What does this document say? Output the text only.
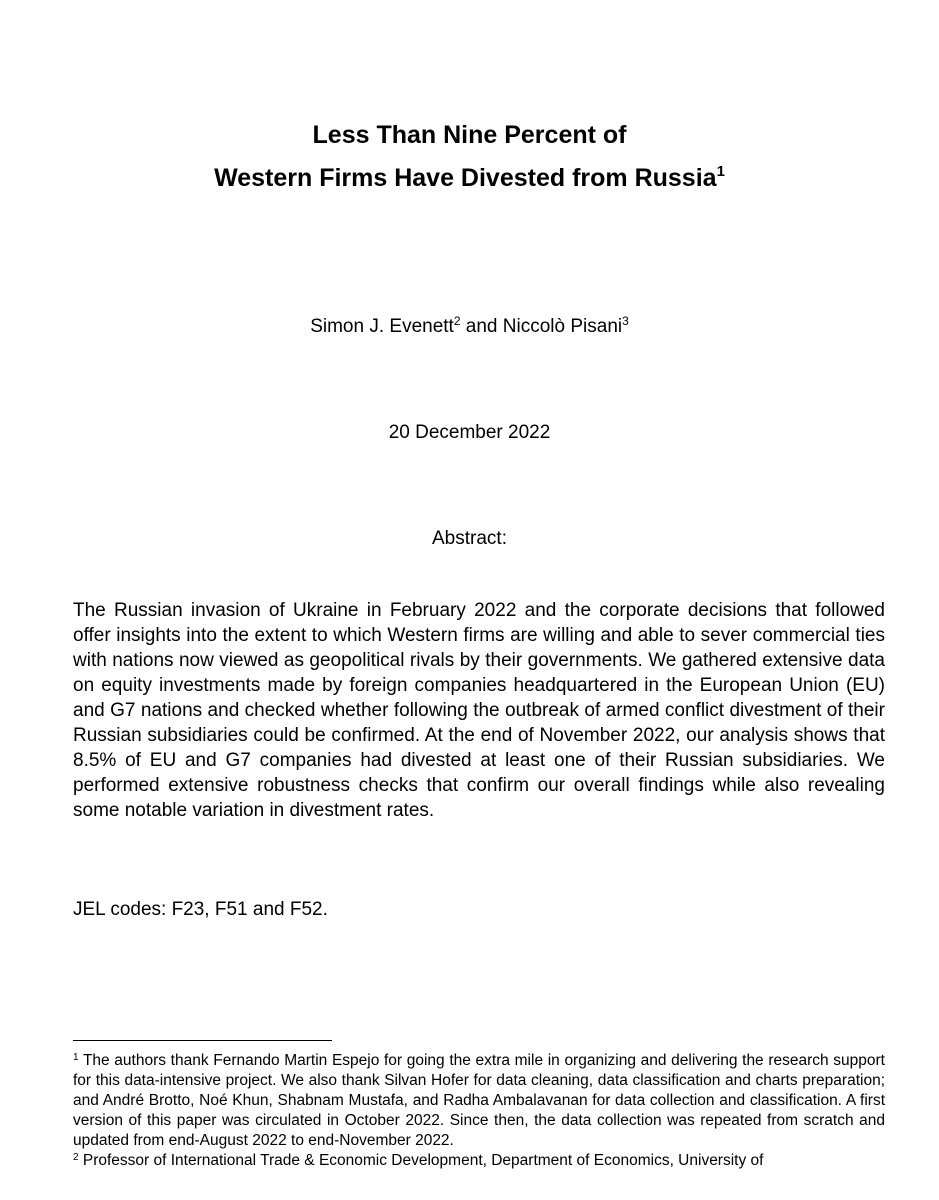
Less Than Nine Percent of
Western Firms Have Divested from Russia$^1$
Simon J. Evenett$^2$ and Niccolò Pisani$^3$
20 December 2022
Abstract:

The Russian invasion of Ukraine in February 2022 and the corporate decisions that followed offer insights into the extent to which Western firms are willing and able to sever commercial ties with nations now viewed as geopolitical rivals by their governments. We gathered extensive data on equity investments made by foreign companies headquartered in the European Union (EU) and G7 nations and checked whether following the outbreak of armed conflict divestment of their Russian subsidiaries could be confirmed. At the end of November 2022, our analysis shows that 8.5% of EU and G7 companies had divested at least one of their Russian subsidiaries. We performed extensive robustness checks that confirm our overall findings while also revealing some notable variation in divestment rates.

JEL codes: F23, F51 and F52.

$^1$ The authors thank Fernando Martin Espejo for going the extra mile in organizing and delivering the research support for this data-intensive project. We also thank Silvan Hofer for data cleaning, data classification and charts preparation; and André Brotto, Noé Khun, Shabnam Mustafa, and Radha Ambalavanan for data collection and classification. A first version of this paper was circulated in October 2022. Since then, the data collection was repeated from scratch and updated from end-August 2022 to end-November 2022.

$^2$ Professor of International Trade & Economic Development, Department of Economics, University of
